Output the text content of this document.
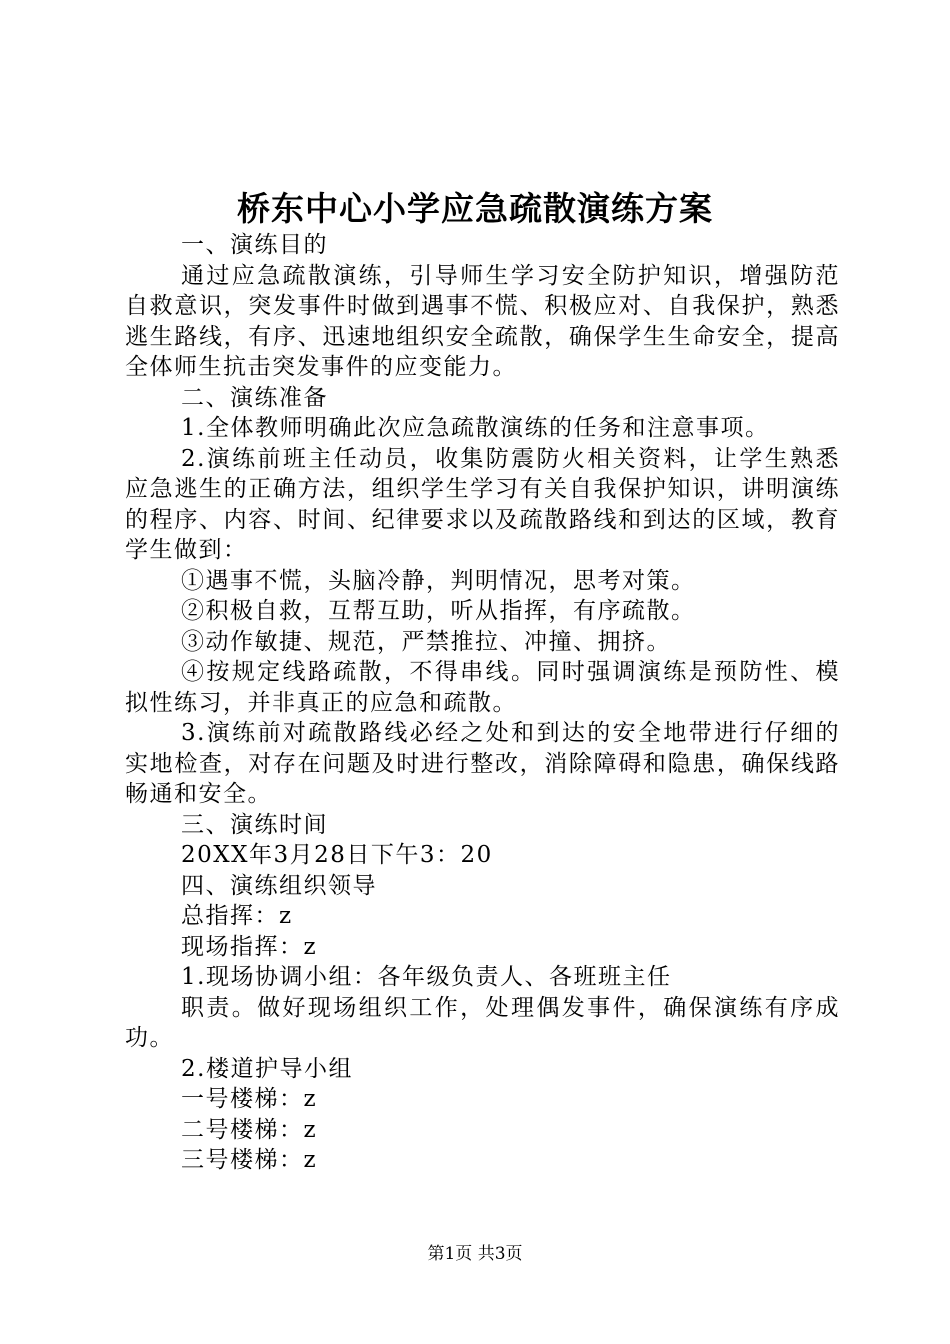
桥东中心小学应急疏散演练方案

一、演练目的

通过应急疏散演练，引导师生学习安全防护知识，增强防范自救意识，突发事件时做到遇事不慌、积极应对、自我保护，熟悉逃生路线，有序、迅速地组织安全疏散，确保学生生命安全，提高全体师生抗击突发事件的应变能力。

二、演练准备

1.全体教师明确此次应急疏散演练的任务和注意事项。

2.演练前班主任动员，收集防震防火相关资料，让学生熟悉应急逃生的正确方法，组织学生学习有关自我保护知识，讲明演练的程序、内容、时间、纪律要求以及疏散路线和到达的区域，教育学生做到：

①遇事不慌，头脑冷静，判明情况，思考对策。

②积极自救，互帮互助，听从指挥，有序疏散。

③动作敏捷、规范，严禁推拉、冲撞、拥挤。

④按规定线路疏散，不得串线。同时强调演练是预防性、模拟性练习，并非真正的应急和疏散。

3.演练前对疏散路线必经之处和到达的安全地带进行仔细的实地检查，对存在问题及时进行整改，消除障碍和隐患，确保线路畅通和安全。

三、演练时间

20XX年3月28日下午3：20

四、演练组织领导

总指挥：z

现场指挥：z

1.现场协调小组：各年级负责人、各班班主任

职责。做好现场组织工作，处理偶发事件，确保演练有序成功。

2.楼道护导小组

一号楼梯：z

二号楼梯：z

三号楼梯：z

第1页 共3页
